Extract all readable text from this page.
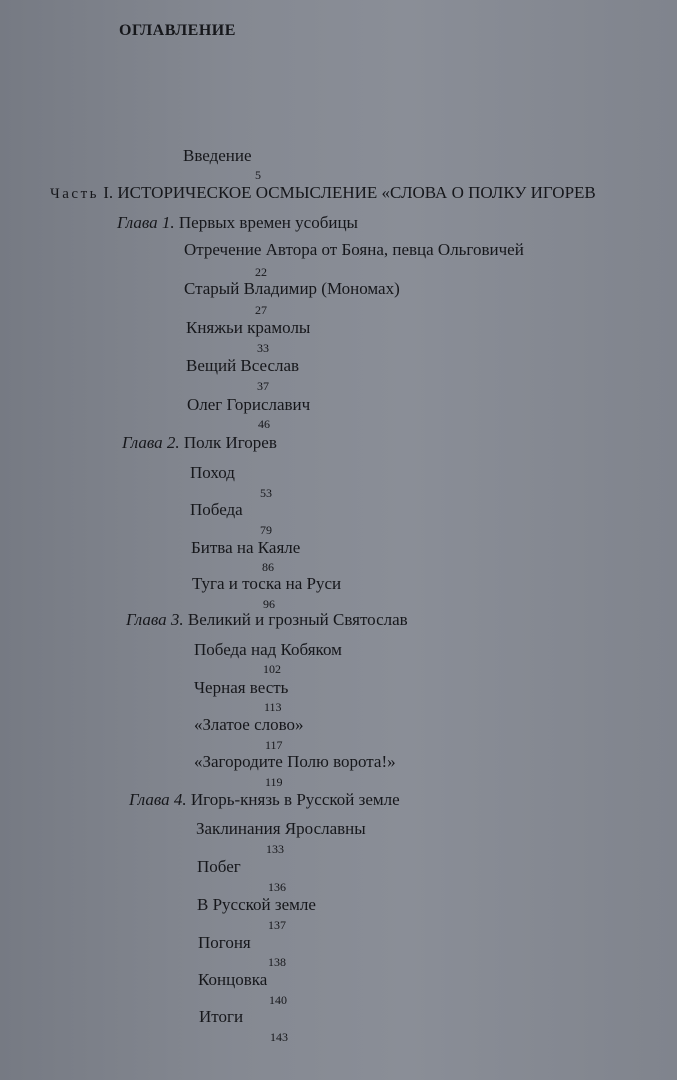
ОГЛАВЛЕНИЕ
Введение
5
Часть I. ИСТОРИЧЕСКОЕ ОСМЫСЛЕНИЕ «СЛОВА О ПОЛКУ ИГОРЕВ
Глава 1. Первых времен усобицы
Отречение Автора от Бояна, певца Ольговичей
22
Старый Владимир (Мономах)
27
Княжьи крамолы
33
Вещий Всеслав
37
Олег Гориславич
46
Глава 2. Полк Игорев
Поход
53
Победа
79
Битва на Каяле
86
Туга и тоска на Руси
96
Глава 3. Великий и грозный Святослав
Победа над Кобяком
102
Черная весть
113
«Златое слово»
117
«Загородите Полю ворота!»
119
Глава 4. Игорь-князь в Русской земле
Заклинания Ярославны
133
Побег
136
В Русской земле
137
Погоня
138
Концовка
140
Итоги
143
